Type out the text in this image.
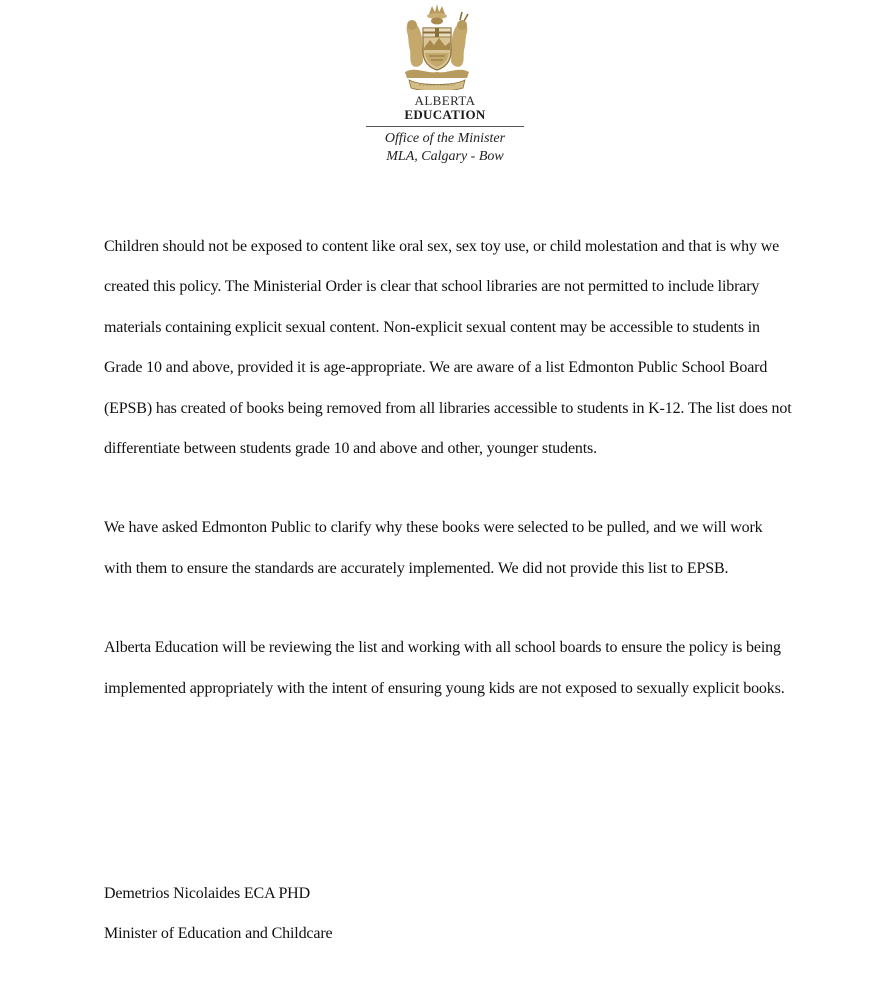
ALBERTA
EDUCATION
Office of the Minister
MLA, Calgary - Bow

Children should not be exposed to content like oral sex, sex toy use, or child molestation and that is why we created this policy. The Ministerial Order is clear that school libraries are not permitted to include library materials containing explicit sexual content. Non-explicit sexual content may be accessible to students in Grade 10 and above, provided it is age-appropriate. We are aware of a list Edmonton Public School Board (EPSB) has created of books being removed from all libraries accessible to students in K-12. The list does not differentiate between students grade 10 and above and other, younger students.

We have asked Edmonton Public to clarify why these books were selected to be pulled, and we will work with them to ensure the standards are accurately implemented. We did not provide this list to EPSB.

Alberta Education will be reviewing the list and working with all school boards to ensure the policy is being implemented appropriately with the intent of ensuring young kids are not exposed to sexually explicit books.

Demetrios Nicolaides ECA PHD
Minister of Education and Childcare
